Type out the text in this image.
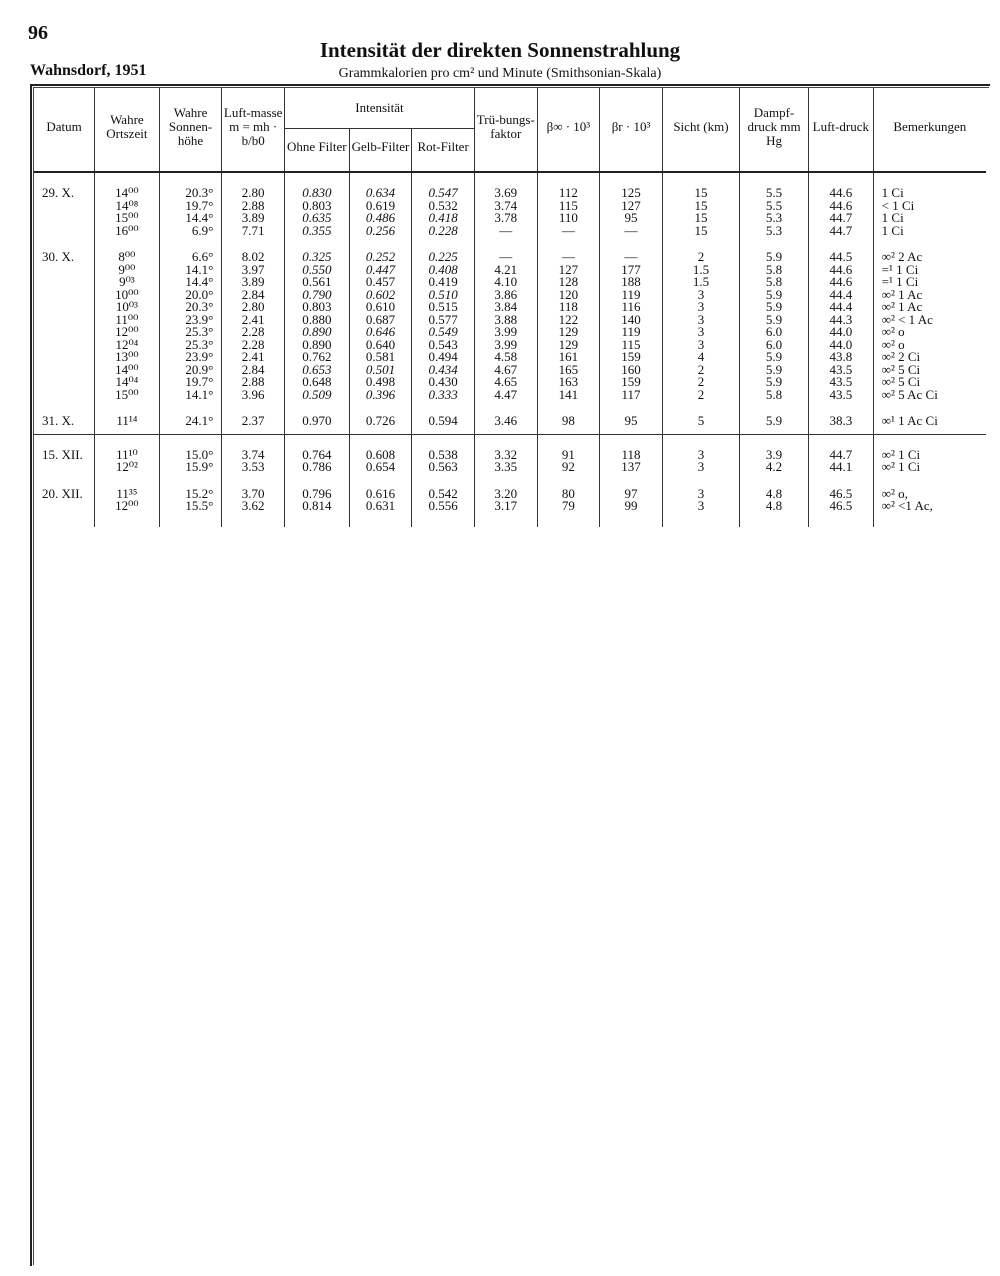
96
Intensität der direkten Sonnenstrahlung
Wahnsdorf, 1951	Grammkalorien pro cm² und Minute (Smithsonian-Skala)
Datum	Wahre Ortszeit	Wahre Sonnen-höhe	Luft-masse m = mh · b/b0	Intensität			Trü-bungs-faktor	β∞ · 10³	βr · 10³	Sicht (km)	Dampf-druck mm Hg	Luft-druck	Bemerkungen
				Ohne Filter	Gelb-Filter	Rot-Filter							

29. X.	14⁰⁰	20.3°	2.80	0.830	0.634	0.547	3.69	112	125	15	5.5	44.6	1 Ci
	14⁰⁸	19.7°	2.88	0.803	0.619	0.532	3.74	115	127	15	5.5	44.6	< 1 Ci
	15⁰⁰	14.4°	3.89	0.635	0.486	0.418	3.78	110	95	15	5.3	44.7	1 Ci
	16⁰⁰	6.9°	7.71	0.355	0.256	0.228	—	—	—	15	5.3	44.7	1 Ci

30. X.	8⁰⁰	6.6°	8.02	0.325	0.252	0.225	—	—	—	2	5.9	44.5	∞² 2 Ac
	9⁰⁰	14.1°	3.97	0.550	0.447	0.408	4.21	127	177	1.5	5.8	44.6	=¹ 1 Ci
	9⁰³	14.4°	3.89	0.561	0.457	0.419	4.10	128	188	1.5	5.8	44.6	=¹ 1 Ci
	10⁰⁰	20.0°	2.84	0.790	0.602	0.510	3.86	120	119	3	5.9	44.4	∞² 1 Ac
	10⁰³	20.3°	2.80	0.803	0.610	0.515	3.84	118	116	3	5.9	44.4	∞² 1 Ac
	11⁰⁰	23.9°	2.41	0.880	0.687	0.577	3.88	122	140	3	5.9	44.3	∞² < 1 Ac
	12⁰⁰	25.3°	2.28	0.890	0.646	0.549	3.99	129	119	3	6.0	44.0	∞² o
	12⁰⁴	25.3°	2.28	0.890	0.640	0.543	3.99	129	115	3	6.0	44.0	∞² o
	13⁰⁰	23.9°	2.41	0.762	0.581	0.494	4.58	161	159	4	5.9	43.8	∞² 2 Ci
	14⁰⁰	20.9°	2.84	0.653	0.501	0.434	4.67	165	160	2	5.9	43.5	∞² 5 Ci
	14⁰⁴	19.7°	2.88	0.648	0.498	0.430	4.65	163	159	2	5.9	43.5	∞² 5 Ci
	15⁰⁰	14.1°	3.96	0.509	0.396	0.333	4.47	141	117	2	5.8	43.5	∞² 5 Ac Ci

31. X.	11¹⁴	24.1°	2.37	0.970	0.726	0.594	3.46	98	95	5	5.9	38.3	∞¹ 1 Ac Ci

15. XII.	11¹⁰	15.0°	3.74	0.764	0.608	0.538	3.32	91	118	3	3.9	44.7	∞² 1 Ci
	12⁰²	15.9°	3.53	0.786	0.654	0.563	3.35	92	137	3	4.2	44.1	∞² 1 Ci

20. XII.	11³⁵	15.2°	3.70	0.796	0.616	0.542	3.20	80	97	3	4.8	46.5	∞² o,
	12⁰⁰	15.5°	3.62	0.814	0.631	0.556	3.17	79	99	3	4.8	46.5	∞² <1 Ac,
